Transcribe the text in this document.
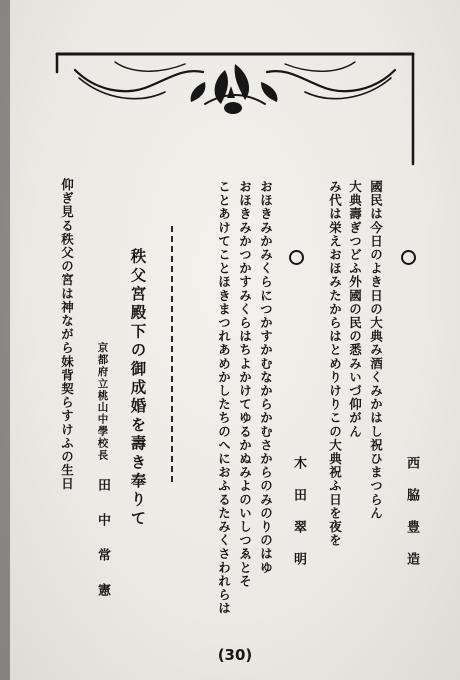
國民は今日のよき日の大典み酒くみかはし祝ひまつらん
大典壽ぎつどふ外國の民の悉みいづ仰がん
み代は栄えおほみたからはとめりけりこの大典祝ふ日を夜を	西脇豊造
おほきみかみくらにつかすかむなからかむさからのみのりのはゆ
おほきみかつかすみくらはちよかけてゆるかぬみよのいしつゑとそ
ことあけてことほきまつれあめかしたちのへにおふるたみくさわれらは	木田翠明
秩父宮殿下の御成婚を壽き奉りて
京都府立桃山中學校長
田中常憲
仰ぎ見る秩父の宮は神ながら妹背契らすけふの生日
(30)
